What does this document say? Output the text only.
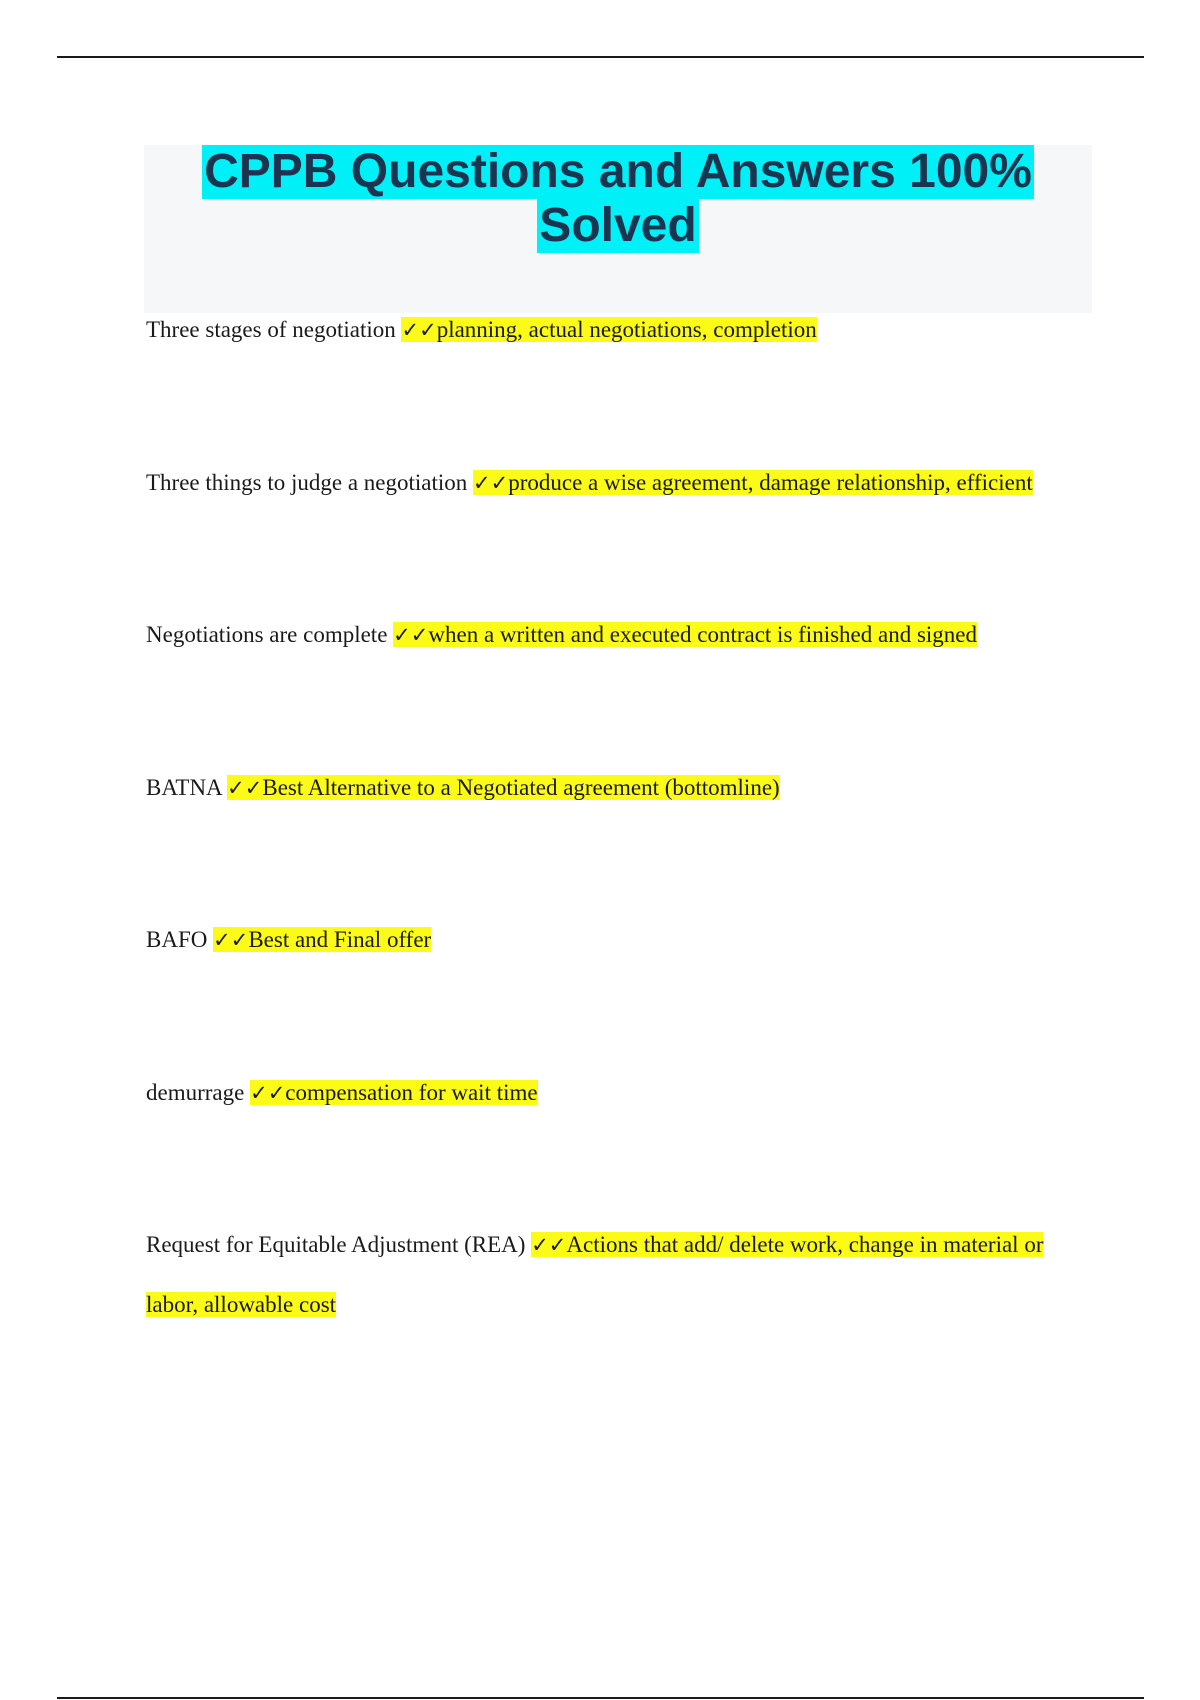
CPPB Questions and Answers 100%
Solved
Three stages of negotiation ✓✓planning, actual negotiations, completion
Three things to judge a negotiation ✓✓produce a wise agreement, damage relationship, efficient
Negotiations are complete ✓✓when a written and executed contract is finished and signed
BATNA ✓✓Best Alternative to a Negotiated agreement (bottomline)
BAFO ✓✓Best and Final offer
demurrage ✓✓compensation for wait time
Request for Equitable Adjustment (REA) ✓✓Actions that add/ delete work, change in material or labor, allowable cost
